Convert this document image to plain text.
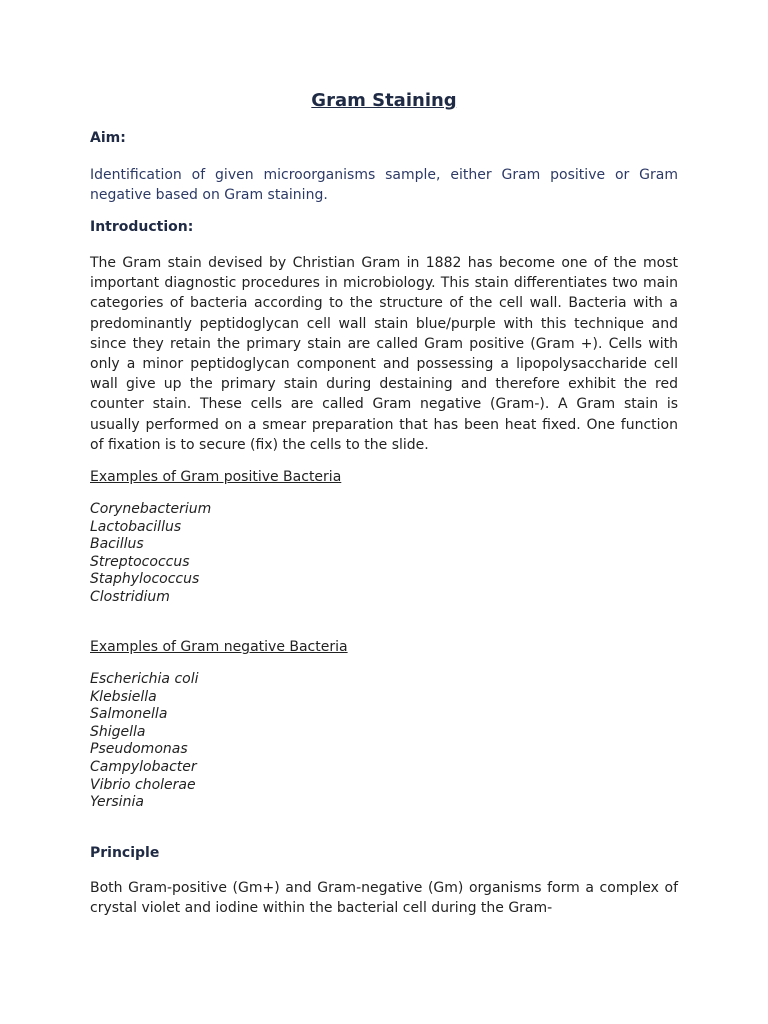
Gram Staining
Aim:

Identification of given microorganisms sample, either Gram positive or Gram negative based on Gram staining.

Introduction:

The Gram stain devised by Christian Gram in 1882 has become one of the most important diagnostic procedures in microbiology. This stain differentiates two main categories of bacteria according to the structure of the cell wall. Bacteria with a predominantly peptidoglycan cell wall stain blue/purple with this technique and since they retain the primary stain are called Gram positive (Gram +). Cells with only a minor peptidoglycan component and possessing a lipopolysaccharide cell wall give up the primary stain during destaining and therefore exhibit the red counter stain. These cells are called Gram negative (Gram-). A Gram stain is usually performed on a smear preparation that has been heat fixed. One function of fixation is to secure (fix) the cells to the slide.

Examples of Gram positive Bacteria

Corynebacterium
Lactobacillus
Bacillus
Streptococcus
Staphylococcus
Clostridium

Examples of Gram negative Bacteria

Escherichia coli
Klebsiella
Salmonella
Shigella
Pseudomonas
Campylobacter
Vibrio cholerae
Yersinia
Principle

Both Gram-positive (Gm+) and Gram-negative (Gm) organisms form a complex of crystal violet and iodine within the bacterial cell during the Gram-
